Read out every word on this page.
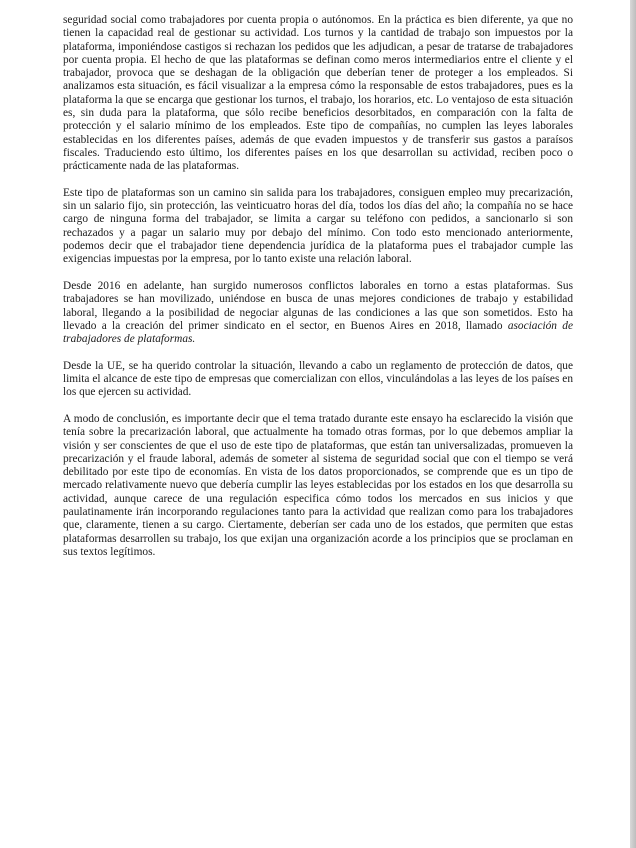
seguridad social como trabajadores por cuenta propia o autónomos. En la práctica es bien diferente, ya que no tienen la capacidad real de gestionar su actividad. Los turnos y la cantidad de trabajo son impuestos por la plataforma, imponiéndose castigos si rechazan los pedidos que les adjudican, a pesar de tratarse de trabajadores por cuenta propia. El hecho de que las plataformas se definan como meros intermediarios entre el cliente y el trabajador, provoca que se deshagan de la obligación que deberían tener de proteger a los empleados. Si analizamos esta situación, es fácil visualizar a la empresa cómo la responsable de estos trabajadores, pues es la plataforma la que se encarga que gestionar los turnos, el trabajo, los horarios, etc. Lo ventajoso de esta situación es, sin duda para la plataforma, que sólo recibe beneficios desorbitados, en comparación con la falta de protección y el salario mínimo de los empleados. Este tipo de compañías, no cumplen las leyes laborales establecidas en los diferentes países, además de que evaden impuestos y de transferir sus gastos a paraísos fiscales. Traduciendo esto último, los diferentes países en los que desarrollan su actividad, reciben poco o prácticamente nada de las plataformas.

Este tipo de plataformas son un camino sin salida para los trabajadores, consiguen empleo muy precarización, sin un salario fijo, sin protección, las veinticuatro horas del día, todos los días del año; la compañía no se hace cargo de ninguna forma del trabajador, se limita a cargar su teléfono con pedidos, a sancionarlo si son rechazados y a pagar un salario muy por debajo del mínimo. Con todo esto mencionado anteriormente, podemos decir que el trabajador tiene dependencia jurídica de la plataforma pues el trabajador cumple las exigencias impuestas por la empresa, por lo tanto existe una relación laboral.

Desde 2016 en adelante, han surgido numerosos conflictos laborales en torno a estas plataformas. Sus trabajadores se han movilizado, uniéndose en busca de unas mejores condiciones de trabajo y estabilidad laboral, llegando a la posibilidad de negociar algunas de las condiciones a las que son sometidos. Esto ha llevado a la creación del primer sindicato en el sector, en Buenos Aires en 2018, llamado asociación de trabajadores de plataformas.

Desde la UE, se ha querido controlar la situación, llevando a cabo un reglamento de protección de datos, que limita el alcance de este tipo de empresas que comercializan con ellos, vinculándolas a las leyes de los países en los que ejercen su actividad.

A modo de conclusión, es importante decir que el tema tratado durante este ensayo ha esclarecido la visión que tenía sobre la precarización laboral, que actualmente ha tomado otras formas, por lo que debemos ampliar la visión y ser conscientes de que el uso de este tipo de plataformas, que están tan universalizadas, promueven la precarización y el fraude laboral, además de someter al sistema de seguridad social que con el tiempo se verá debilitado por este tipo de economías. En vista de los datos proporcionados, se comprende que es un tipo de mercado relativamente nuevo que debería cumplir las leyes establecidas por los estados en los que desarrolla su actividad, aunque carece de una regulación especifica cómo todos los mercados en sus inicios y que paulatinamente irán incorporando regulaciones tanto para la actividad que realizan como para los trabajadores que, claramente, tienen a su cargo. Ciertamente, deberían ser cada uno de los estados, que permiten que estas plataformas desarrollen su trabajo, los que exijan una organización acorde a los principios que se proclaman en sus textos legítimos.
